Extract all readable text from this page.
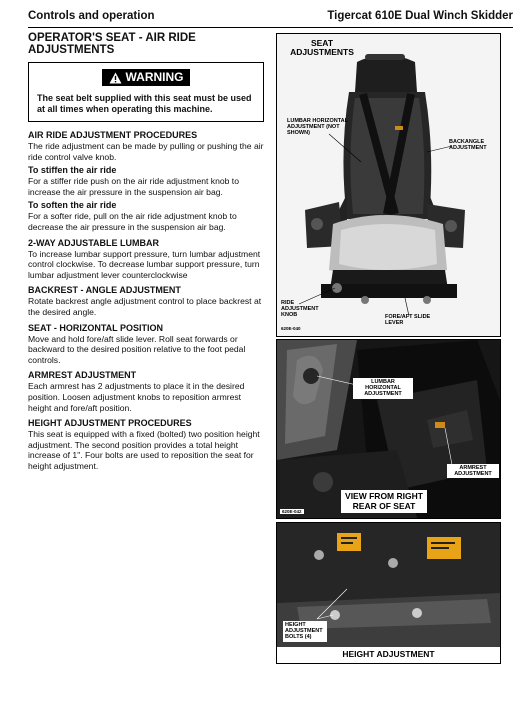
Controls and operation	Tigercat 610E Dual Winch Skidder
OPERATOR'S SEAT - AIR RIDE ADJUSTMENTS
WARNING
The seat belt supplied with this seat must be used at all times when operating this machine.
AIR RIDE ADJUSTMENT PROCEDURES
The ride adjustment can be made by pulling or pushing the air ride control valve knob.
To stiffen the air ride
For a stiffer ride push on the air ride adjustment knob to increase the air pressure in the suspension air bag.
To soften the air ride
For a softer ride, pull on the air ride adjustment knob to decrease the air pressure in the suspension air bag.
2-WAY ADJUSTABLE LUMBAR
To increase lumbar support pressure, turn lumbar adjustment control clockwise. To decrease lumbar support pressure, turn lumbar adjustment lever counterclockwise
BACKREST - ANGLE ADJUSTMENT
Rotate backrest angle adjustment control to place backrest at the desired angle.
SEAT - HORIZONTAL POSITION
Move and hold fore/aft slide lever. Roll seat forwards or backward to the desired position relative to the foot pedal controls.
ARMREST ADJUSTMENT
Each armrest has 2 adjustments to place it in the desired position. Loosen adjustment knobs to reposition armrest height and fore/aft position.
HEIGHT ADJUSTMENT PROCEDURES
This seat is equipped with a fixed (bolted) two position height adjustment. The second position provides a total height increase of 1". Four bolts are used to reposition the seat for height adjustment.
SEAT ADJUSTMENTS
LUMBAR HORIZONTAL ADJUSTMENT (NOT SHOWN)
BACKANGLE ADJUSTMENT
RIDE ADJUSTMENT KNOB	FORE/AFT SLIDE LEVER
620E-040
LUMBAR HORIZONTAL ADJUSTMENT
ARMREST ADJUSTMENT
VIEW FROM RIGHT REAR OF SEAT
620E-042
HEIGHT ADJUSTMENT BOLTS (4)
HEIGHT ADJUSTMENT
